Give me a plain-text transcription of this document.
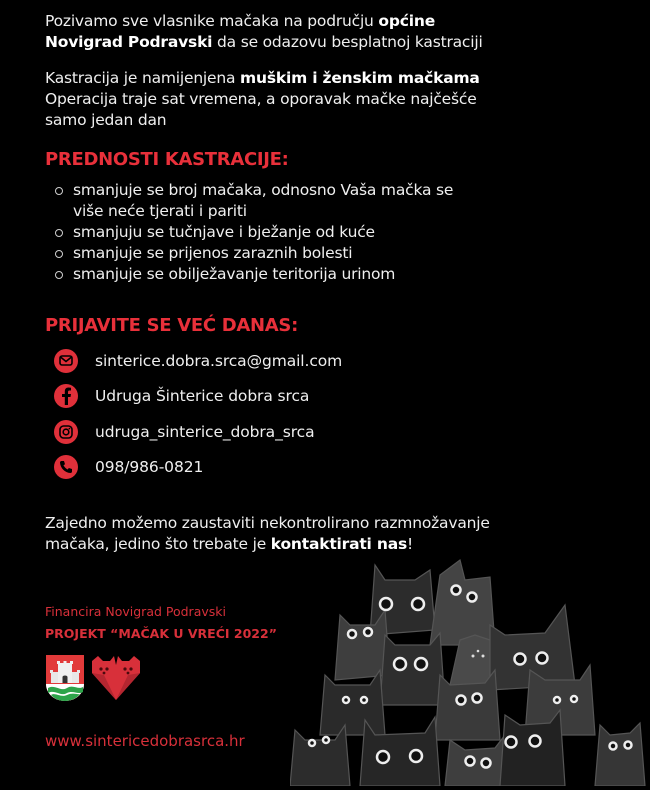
Pozivamo sve vlasnike mačaka na području općine
Novigrad Podravski da se odazovu besplatnoj kastraciji
Kastracija je namijenjena muškim i ženskim mačkama
Operacija traje sat vremena, a oporavak mačke najčešće
samo jedan dan
PREDNOSTI KASTRACIJE:
smanjuje se broj mačaka, odnosno Vaša mačka se više neće tjerati i pariti
smanjuju se tučnjave i bježanje od kuće
smanjuje se prijenos zaraznih bolesti
smanjuje se obilježavanje teritorija urinom
PRIJAVITE SE VEĆ DANAS:
sinterice.dobra.srca@gmail.com
Udruga Šinterice dobra srca
udruga_sinterice_dobra_srca
098/986-0821
Zajedno možemo zaustaviti nekontrolirano razmnožavanje
mačaka, jedino što trebate je kontaktirati nas!
Financira Novigrad Podravski
PROJEKT “MAČAK U VREĆI 2022”
www.sintericedobrasrca.hr
